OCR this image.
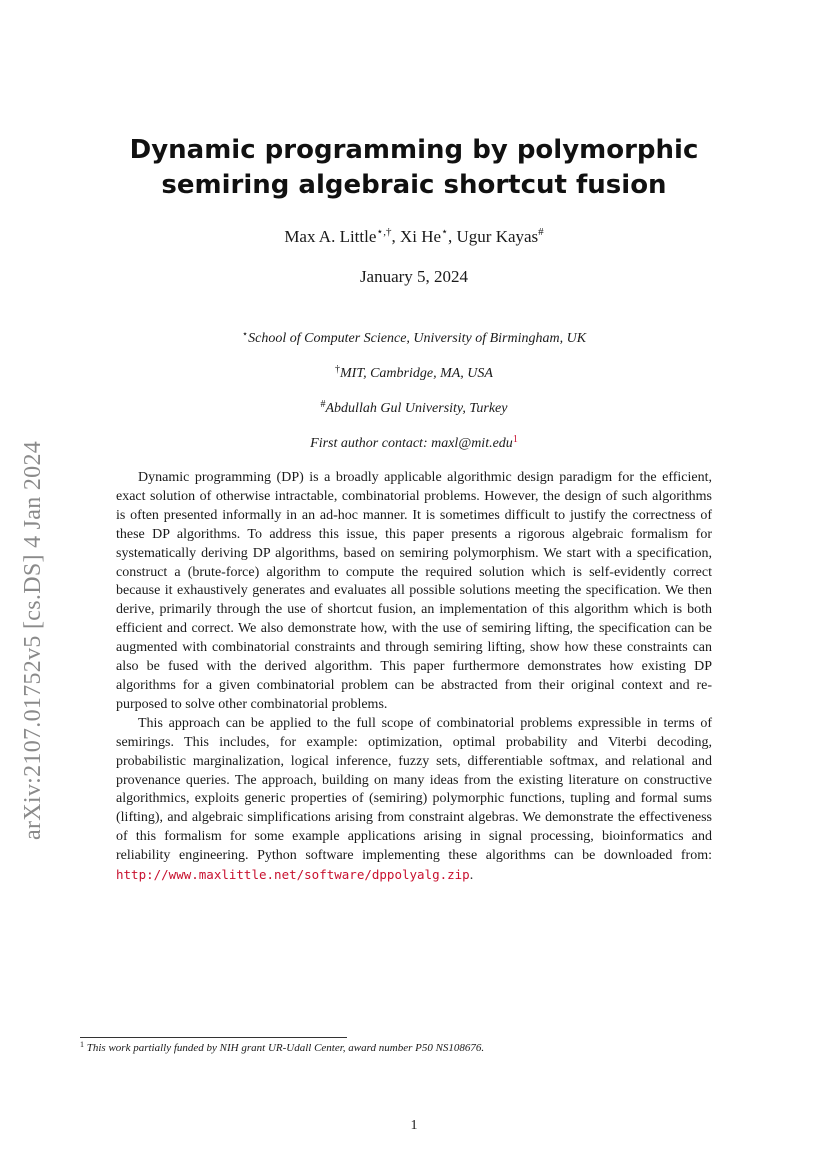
arXiv:2107.01752v5 [cs.DS] 4 Jan 2024
Dynamic programming by polymorphic semiring algebraic shortcut fusion
Max A. Little⋆,†, Xi He⋆, Ugur Kayas#
January 5, 2024
⋆School of Computer Science, University of Birmingham, UK
†MIT, Cambridge, MA, USA
#Abdullah Gul University, Turkey
First author contact: maxl@mit.edu$^1$

Dynamic programming (DP) is a broadly applicable algorithmic design paradigm for the efficient, exact solution of otherwise intractable, combinatorial problems. However, the design of such algorithms is often presented informally in an ad-hoc manner. It is sometimes difficult to justify the correctness of these DP algorithms. To address this issue, this paper presents a rigorous algebraic formalism for systematically deriving DP algorithms, based on semiring polymorphism. We start with a specification, construct a (brute-force) algorithm to compute the required solution which is self-evidently correct because it exhaustively generates and evaluates all possible solutions meeting the specification. We then derive, primarily through the use of shortcut fusion, an implementation of this algorithm which is both efficient and correct. We also demonstrate how, with the use of semiring lifting, the specification can be augmented with combinatorial constraints and through semiring lifting, show how these constraints can also be fused with the derived algorithm. This paper furthermore demonstrates how existing DP algorithms for a given combinatorial problem can be abstracted from their original context and re-purposed to solve other combinatorial problems.

This approach can be applied to the full scope of combinatorial problems expressible in terms of semirings. This includes, for example: optimization, optimal probability and Viterbi decoding, probabilistic marginalization, logical inference, fuzzy sets, differentiable softmax, and relational and provenance queries. The approach, building on many ideas from the existing literature on constructive algorithmics, exploits generic properties of (semiring) polymorphic functions, tupling and formal sums (lifting), and algebraic simplifications arising from constraint algebras. We demonstrate the effectiveness of this formalism for some example applications arising in signal processing, bioinformatics and reliability engineering. Python software implementing these algorithms can be downloaded from: http://www.maxlittle.net/software/dppolyalg.zip.

$^1$ This work partially funded by NIH grant UR-Udall Center, award number P50 NS108676.
1
